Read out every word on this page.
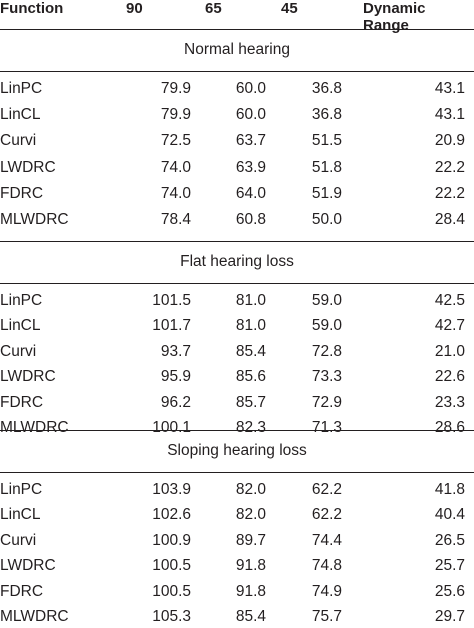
Function	90	65	45	Dynamic Range
Normal hearing
LinPC	79.9	60.0	36.8	43.1
LinCL	79.9	60.0	36.8	43.1
Curvi	72.5	63.7	51.5	20.9
LWDRC	74.0	63.9	51.8	22.2
FDRC	74.0	64.0	51.9	22.2
MLWDRC	78.4	60.8	50.0	28.4
Flat hearing loss
LinPC	101.5	81.0	59.0	42.5
LinCL	101.7	81.0	59.0	42.7
Curvi	93.7	85.4	72.8	21.0
LWDRC	95.9	85.6	73.3	22.6
FDRC	96.2	85.7	72.9	23.3
MLWDRC	100.1	82.3	71.3	28.6
Sloping hearing loss
LinPC	103.9	82.0	62.2	41.8
LinCL	102.6	82.0	62.2	40.4
Curvi	100.9	89.7	74.4	26.5
LWDRC	100.5	91.8	74.8	25.7
FDRC	100.5	91.8	74.9	25.6
MLWDRC	105.3	85.4	75.7	29.7
